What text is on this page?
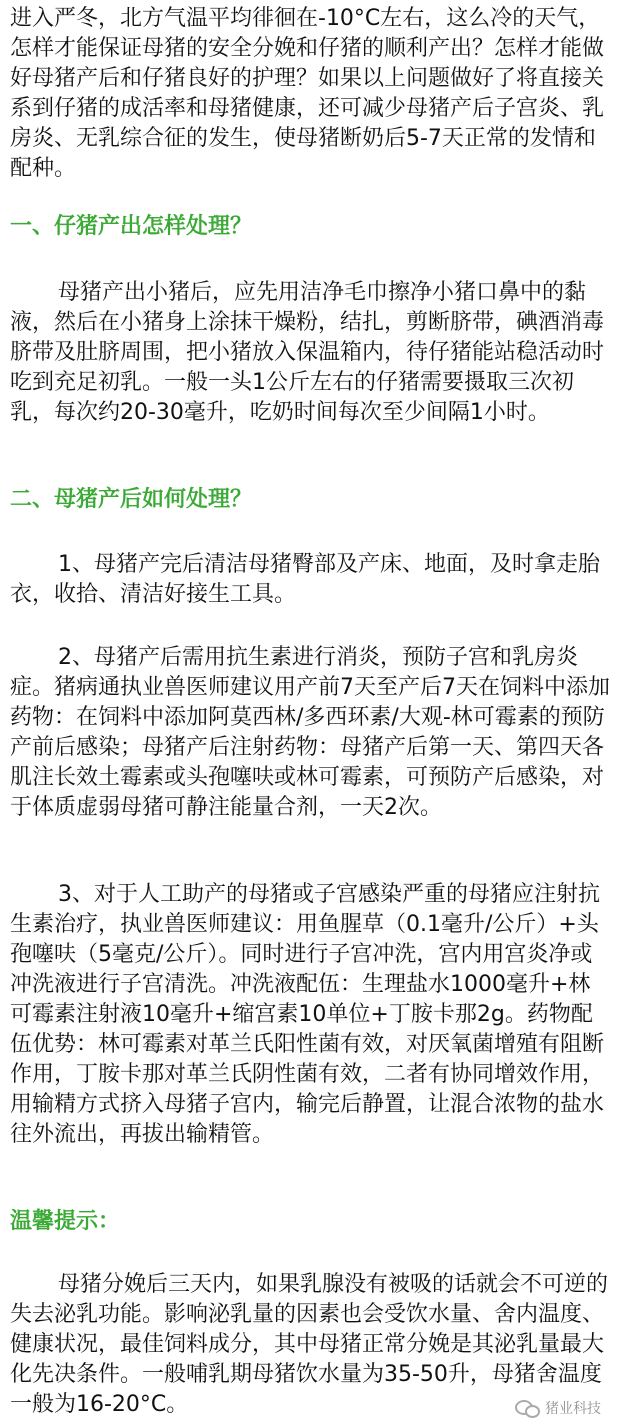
进入严冬，北方气温平均徘徊在-10°C左右，这么冷的天气，怎样才能保证母猪的安全分娩和仔猪的顺利产出？怎样才能做好母猪产后和仔猪良好的护理？如果以上问题做好了将直接关系到仔猪的成活率和母猪健康，还可减少母猪产后子宫炎、乳房炎、无乳综合征的发生，使母猪断奶后5-7天正常的发情和配种。
一、仔猪产出怎样处理？
母猪产出小猪后，应先用洁净毛巾擦净小猪口鼻中的黏液，然后在小猪身上涂抹干燥粉，结扎，剪断脐带，碘酒消毒脐带及肚脐周围，把小猪放入保温箱内，待仔猪能站稳活动时吃到充足初乳。一般一头1公斤左右的仔猪需要摄取三次初乳，每次约20-30毫升，吃奶时间每次至少间隔1小时。
二、母猪产后如何处理？
1、母猪产完后清洁母猪臀部及产床、地面，及时拿走胎衣，收拾、清洁好接生工具。
2、母猪产后需用抗生素进行消炎，预防子宫和乳房炎症。猪病通执业兽医师建议用产前7天至产后7天在饲料中添加药物：在饲料中添加阿莫西林/多西环素/大观-林可霉素的预防产前后感染；母猪产后注射药物：母猪产后第一天、第四天各肌注长效土霉素或头孢噻呋或林可霉素，可预防产后感染，对于体质虚弱母猪可静注能量合剂，一天2次。
3、对于人工助产的母猪或子宫感染严重的母猪应注射抗生素治疗，执业兽医师建议：用鱼腥草（0.1毫升/公斤）+头孢噻呋（5毫克/公斤）。同时进行子宫冲洗，宫内用宫炎净或冲洗液进行子宫清洗。冲洗液配伍：生理盐水1000毫升+林可霉素注射液10毫升+缩宫素10单位+丁胺卡那2g。药物配伍优势：林可霉素对革兰氏阳性菌有效，对厌氧菌增殖有阻断作用，丁胺卡那对革兰氏阴性菌有效，二者有协同增效作用，用输精方式挤入母猪子宫内，输完后静置，让混合浓物的盐水往外流出，再拔出输精管。
温馨提示：
母猪分娩后三天内，如果乳腺没有被吸的话就会不可逆的失去泌乳功能。影响泌乳量的因素也会受饮水量、舍内温度、健康状况，最佳饲料成分，其中母猪正常分娩是其泌乳量最大化先决条件。一般哺乳期母猪饮水量为35-50升，母猪舍温度一般为16-20°C。	猪业科技
